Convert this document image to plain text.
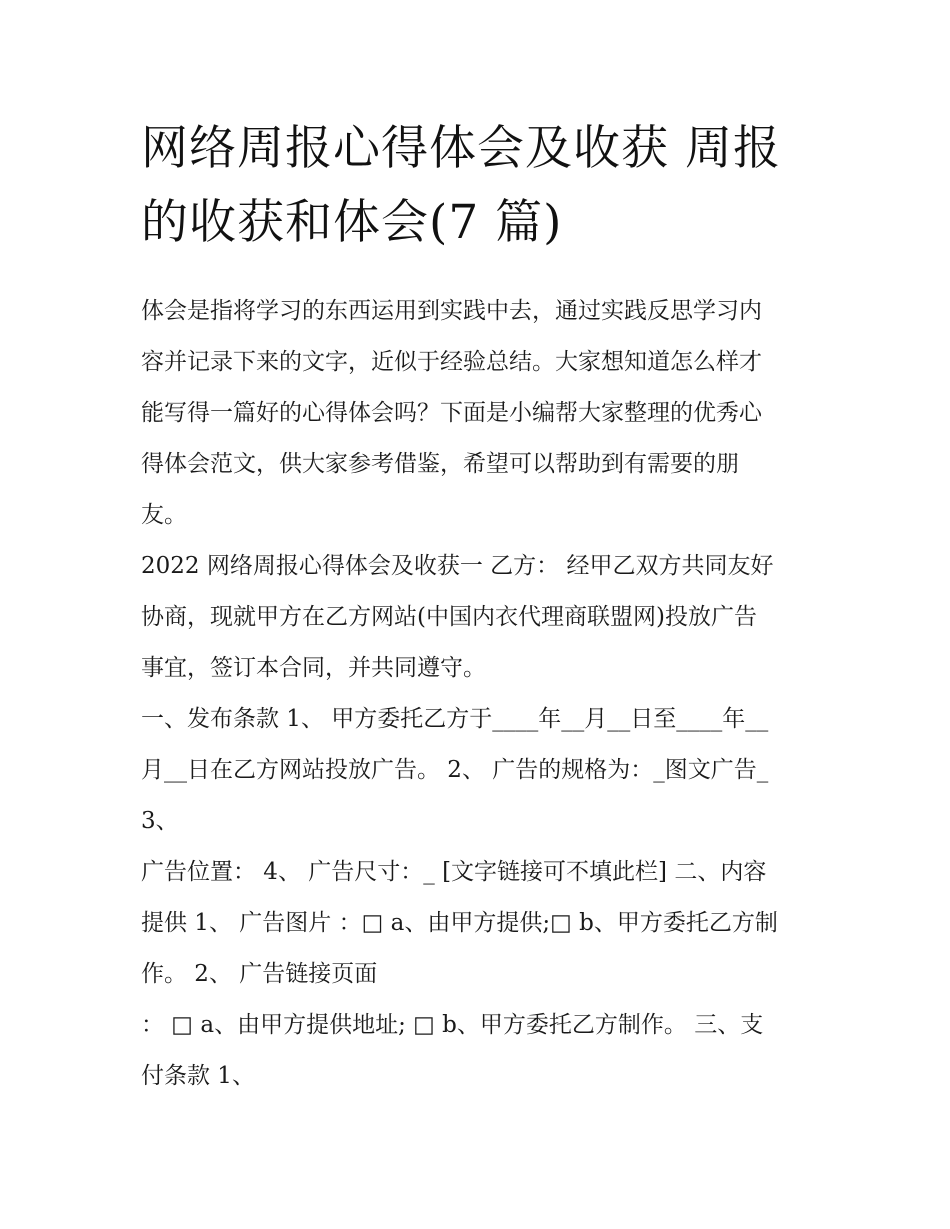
网络周报心得体会及收获 周报
的收获和体会(7 篇)

体会是指将学习的东西运用到实践中去，通过实践反思学习内
容并记录下来的文字，近似于经验总结。大家想知道怎么样才
能写得一篇好的心得体会吗？下面是小编帮大家整理的优秀心
得体会范文，供大家参考借鉴，希望可以帮助到有需要的朋
友。

2022 网络周报心得体会及收获一 乙方： 经甲乙双方共同友好
协商，现就甲方在乙方网站(中国内衣代理商联盟网)投放广告
事宜，签订本合同，并共同遵守。

一、发布条款 1、 甲方委托乙方于____年__月__日至____年__
月__日在乙方网站投放广告。 2、 广告的规格为：_图文广告_
3、

广告位置： 4、 广告尺寸：_ [文字链接可不填此栏] 二、内容
提供 1、 广告图片 ：□ a、由甲方提供;□ b、甲方委托乙方制
作。 2、 广告链接页面

： □ a、由甲方提供地址; □ b、甲方委托乙方制作。 三、支
付条款 1、
